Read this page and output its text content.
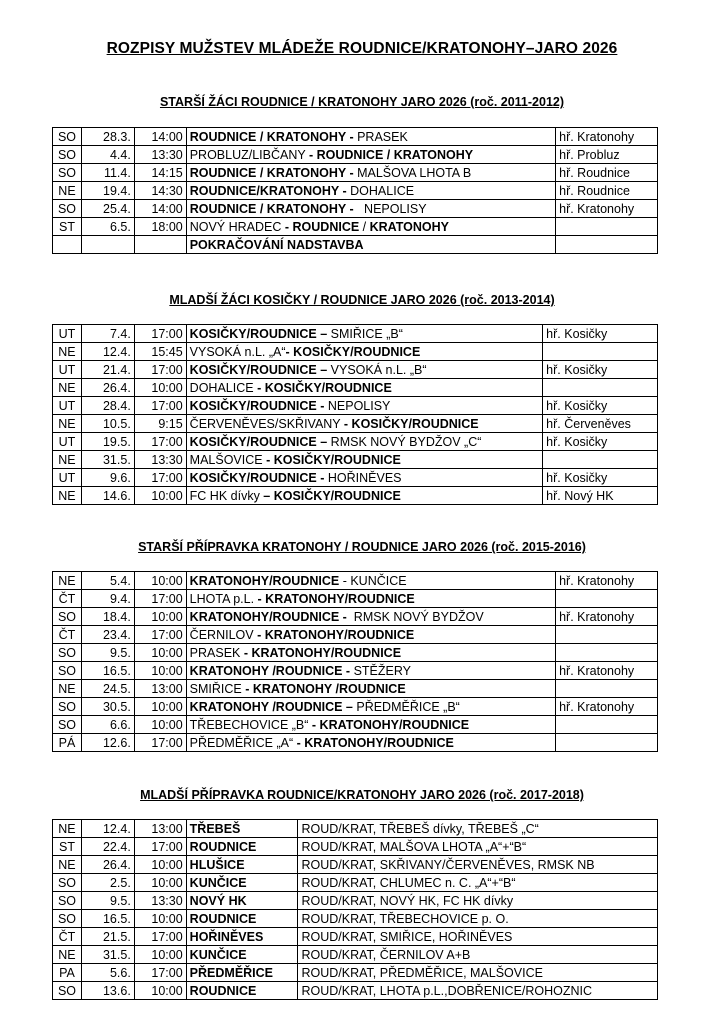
ROZPISY MUŽSTEV MLÁDEŽE ROUDNICE/KRATONOHY–JARO 2026
STARŠÍ ŽÁCI ROUDNICE / KRATONOHY JARO 2026 (roč. 2011-2012)
SO	28.3.	14:00	ROUDNICE / KRATONOHY - PRASEK	hř. Kratonohy
SO	4.4.	13:30	PROBLUZ/LIBČANY - ROUDNICE / KRATONOHY	hř. Probluz
SO	11.4.	14:15	ROUDNICE / KRATONOHY - MALŠOVA LHOTA B	hř. Roudnice
NE	19.4.	14:30	ROUDNICE/KRATONOHY - DOHALICE	hř. Roudnice
SO	25.4.	14:00	ROUDNICE / KRATONOHY -   NEPOLISY	hř. Kratonohy
ST	6.5.	18:00	NOVÝ HRADEC - ROUDNICE / KRATONOHY	
			POKRAČOVÁNÍ NADSTAVBA	
MLADŠÍ ŽÁCI KOSIČKY / ROUDNICE JARO 2026 (roč. 2013-2014)
UT	7.4.	17:00	KOSIČKY/ROUDNICE – SMIŘICE „B“	hř. Kosičky
NE	12.4.	15:45	VYSOKÁ n.L. „A“- KOSIČKY/ROUDNICE	
UT	21.4.	17:00	KOSIČKY/ROUDNICE – VYSOKÁ n.L. „B“	hř. Kosičky
NE	26.4.	10:00	DOHALICE - KOSIČKY/ROUDNICE	
UT	28.4.	17:00	KOSIČKY/ROUDNICE - NEPOLISY	hř. Kosičky
NE	10.5.	9:15	ČERVENĚVES/SKŘIVANY - KOSIČKY/ROUDNICE	hř. Červeněves
UT	19.5.	17:00	KOSIČKY/ROUDNICE – RMSK NOVÝ BYDŽOV „C“	hř. Kosičky
NE	31.5.	13:30	MALŠOVICE - KOSIČKY/ROUDNICE	
UT	9.6.	17:00	KOSIČKY/ROUDNICE - HOŘINĚVES	hř. Kosičky
NE	14.6.	10:00	FC HK dívky – KOSIČKY/ROUDNICE	hř. Nový HK
STARŠÍ PŘÍPRAVKA KRATONOHY / ROUDNICE JARO 2026 (roč. 2015-2016)
NE	5.4.	10:00	KRATONOHY/ROUDNICE - KUNČICE	hř. Kratonohy
ČT	9.4.	17:00	LHOTA p.L. - KRATONOHY/ROUDNICE	
SO	18.4.	10:00	KRATONOHY/ROUDNICE -  RMSK NOVÝ BYDŽOV	hř. Kratonohy
ČT	23.4.	17:00	ČERNILOV - KRATONOHY/ROUDNICE	
SO	9.5.	10:00	PRASEK - KRATONOHY/ROUDNICE	
SO	16.5.	10:00	KRATONOHY /ROUDNICE - STĚŽERY	hř. Kratonohy
NE	24.5.	13:00	SMIŘICE - KRATONOHY /ROUDNICE	
SO	30.5.	10:00	KRATONOHY /ROUDNICE – PŘEDMĚŘICE „B“	hř. Kratonohy
SO	6.6.	10:00	TŘEBECHOVICE „B“ - KRATONOHY/ROUDNICE	
PÁ	12.6.	17:00	PŘEDMĚŘICE „A“ - KRATONOHY/ROUDNICE	
MLADŠÍ PŘÍPRAVKA ROUDNICE/KRATONOHY JARO 2026 (roč. 2017-2018)
NE	12.4.	13:00	TŘEBEŠ	ROUD/KRAT, TŘEBEŠ dívky, TŘEBEŠ „C“
ST	22.4.	17:00	ROUDNICE	ROUD/KRAT, MALŠOVA LHOTA „A“+“B“
NE	26.4.	10:00	HLUŠICE	ROUD/KRAT, SKŘIVANY/ČERVENĚVES, RMSK NB
SO	2.5.	10:00	KUNČICE	ROUD/KRAT, CHLUMEC n. C. „A“+“B“
SO	9.5.	13:30	NOVÝ HK	ROUD/KRAT, NOVÝ HK, FC HK dívky
SO	16.5.	10:00	ROUDNICE	ROUD/KRAT, TŘEBECHOVICE p. O.
ČT	21.5.	17:00	HOŘINĚVES	ROUD/KRAT, SMIŘICE, HOŘINĚVES
NE	31.5.	10:00	KUNČICE	ROUD/KRAT, ČERNILOV A+B
PA	5.6.	17:00	PŘEDMĚŘICE	ROUD/KRAT, PŘEDMĚŘICE, MALŠOVICE
SO	13.6.	10:00	ROUDNICE	ROUD/KRAT, LHOTA p.L.,DOBŘENICE/ROHOZNIC
